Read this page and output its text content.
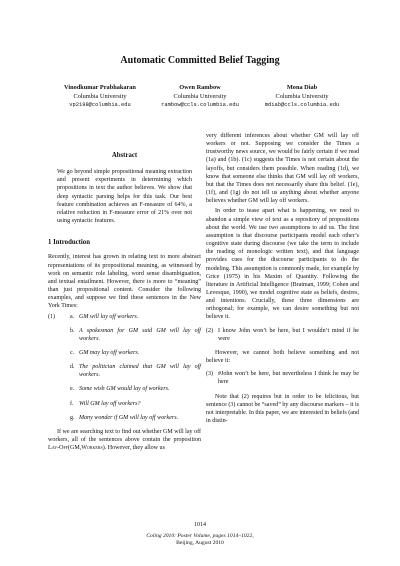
Automatic Committed Belief Tagging
Vinodkumar Prabhakaran
Columbia University
vp2198@columbia.edu
Owen Rambow
Columbia University
rambow@ccls.columbia.edu
Mona Diab
Columbia University
mdiab@ccls.columbia.edu
Abstract
We go beyond simple propositional meaning extraction and present experiments in determining which propositions in text the author believes. We show that deep syntactic parsing helps for this task. Our best feature combination achieves an F-measure of 64%, a relative reduction in F-measure error of 21% over not using syntactic features.
1 Introduction
Recently, interest has grown in relating text to more abstract representations of its propositional meaning, as witnessed by work on semantic role labeling, word sense disambiguation, and textual entailment. However, there is more to “meaning” than just propositional content. Consider the following examples, and suppose we find these sentences in the New York Times:
(1) a. GM will lay off workers.
b. A spokesman for GM said GM will lay off workers.
c. GM may lay off workers.
d. The politician claimed that GM will lay off workers.
e. Some wish GM would lay of workers.
f. Will GM lay off workers?
g. Many wonder if GM will lay off workers.
If we are searching text to find out whether GM will lay off workers, all of the sentences above contain the proposition Lay-Off(GM,Workers). However, they allow us
very different inferences about whether GM will lay off workers or not. Supposing we consider the Times a trustworthy news source, we would be fairly certain if we read (1a) and (1b). (1c) suggests the Times is not certain about the layoffs, but considers them possible. When reading (1d), we know that someone else thinks that GM will lay off workers, but that the Times does not necessarily share this belief. (1e), (1f), and (1g) do not tell us anything about whether anyone believes whether GM will lay off workers.
In order to tease apart what is happening, we need to abandon a simple view of text as a repository of propositions about the world. We use two assumptions to aid us. The first assumption is that discourse participants model each other’s cognitive state during discourse (we take the term to include the reading of monologic written text), and that language provides cues for the discourse participants to do the modeling. This assumption is commonly made, for example by Grice (1975) in his Maxim of Quantity. Following the literature in Artificial Intelligence (Bratman, 1999; Cohen and Levesque, 1990), we model cognitive state as beliefs, desires, and intentions. Crucially, these three dimensions are orthogonal; for example, we can desire something but not believe it.
(2) I know John won’t be here, but I wouldn’t mind if he were
However, we cannot both believe something and not believe it:
(3) #John won’t be here, but nevertheless I think he may be here
Note that (2) requires but in order to be felicitous, but sentence (3) cannot be “saved” by any discourse markers – it is not interpretable. In this paper, we are interested in beliefs (and in distin-
1014
Coling 2010: Poster Volume, pages 1014–1022,
Beijing, August 2010
